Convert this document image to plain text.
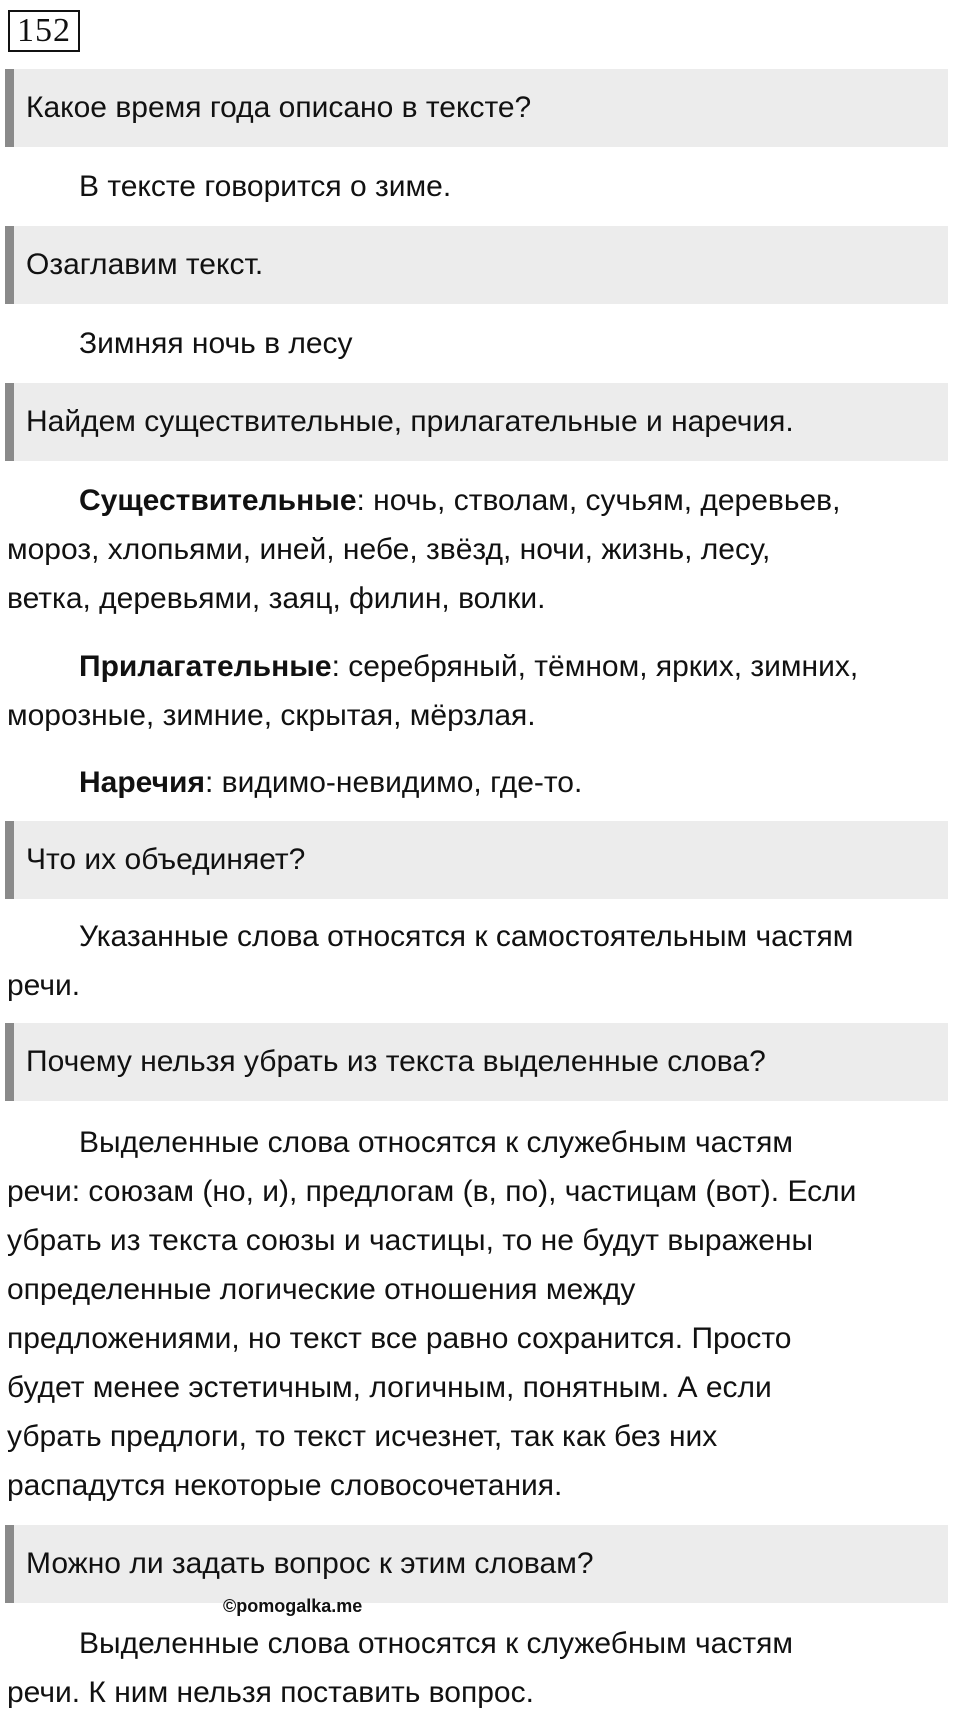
152
Какое время года описано в тексте?

В тексте говорится о зиме.

Озаглавим текст.

Зимняя ночь в лесу

Найдем существительные, прилагательные и наречия.

Существительные: ночь, стволам, сучьям, деревьев,
мороз, хлопьями, иней, небе, звёзд, ночи, жизнь, лесу,
ветка, деревьями, заяц, филин, волки.

Прилагательные: серебряный, тёмном, ярких, зимних,
морозные, зимние, скрытая, мёрзлая.

Наречия: видимо-невидимо, где-то.

Что их объединяет?

Указанные слова относятся к самостоятельным частям
речи.

Почему нельзя убрать из текста выделенные слова?

Выделенные слова относятся к служебным частям
речи: союзам (но, и), предлогам (в, по), частицам (вот). Если
убрать из текста союзы и частицы, то не будут выражены
определенные логические отношения между
предложениями, но текст все равно сохранится. Просто
будет менее эстетичным, логичным, понятным. А если
убрать предлоги, то текст исчезнет, так как без них
распадутся некоторые словосочетания.

Можно ли задать вопрос к этим словам?
©pomogalka.me

Выделенные слова относятся к служебным частям
речи. К ним нельзя поставить вопрос.
